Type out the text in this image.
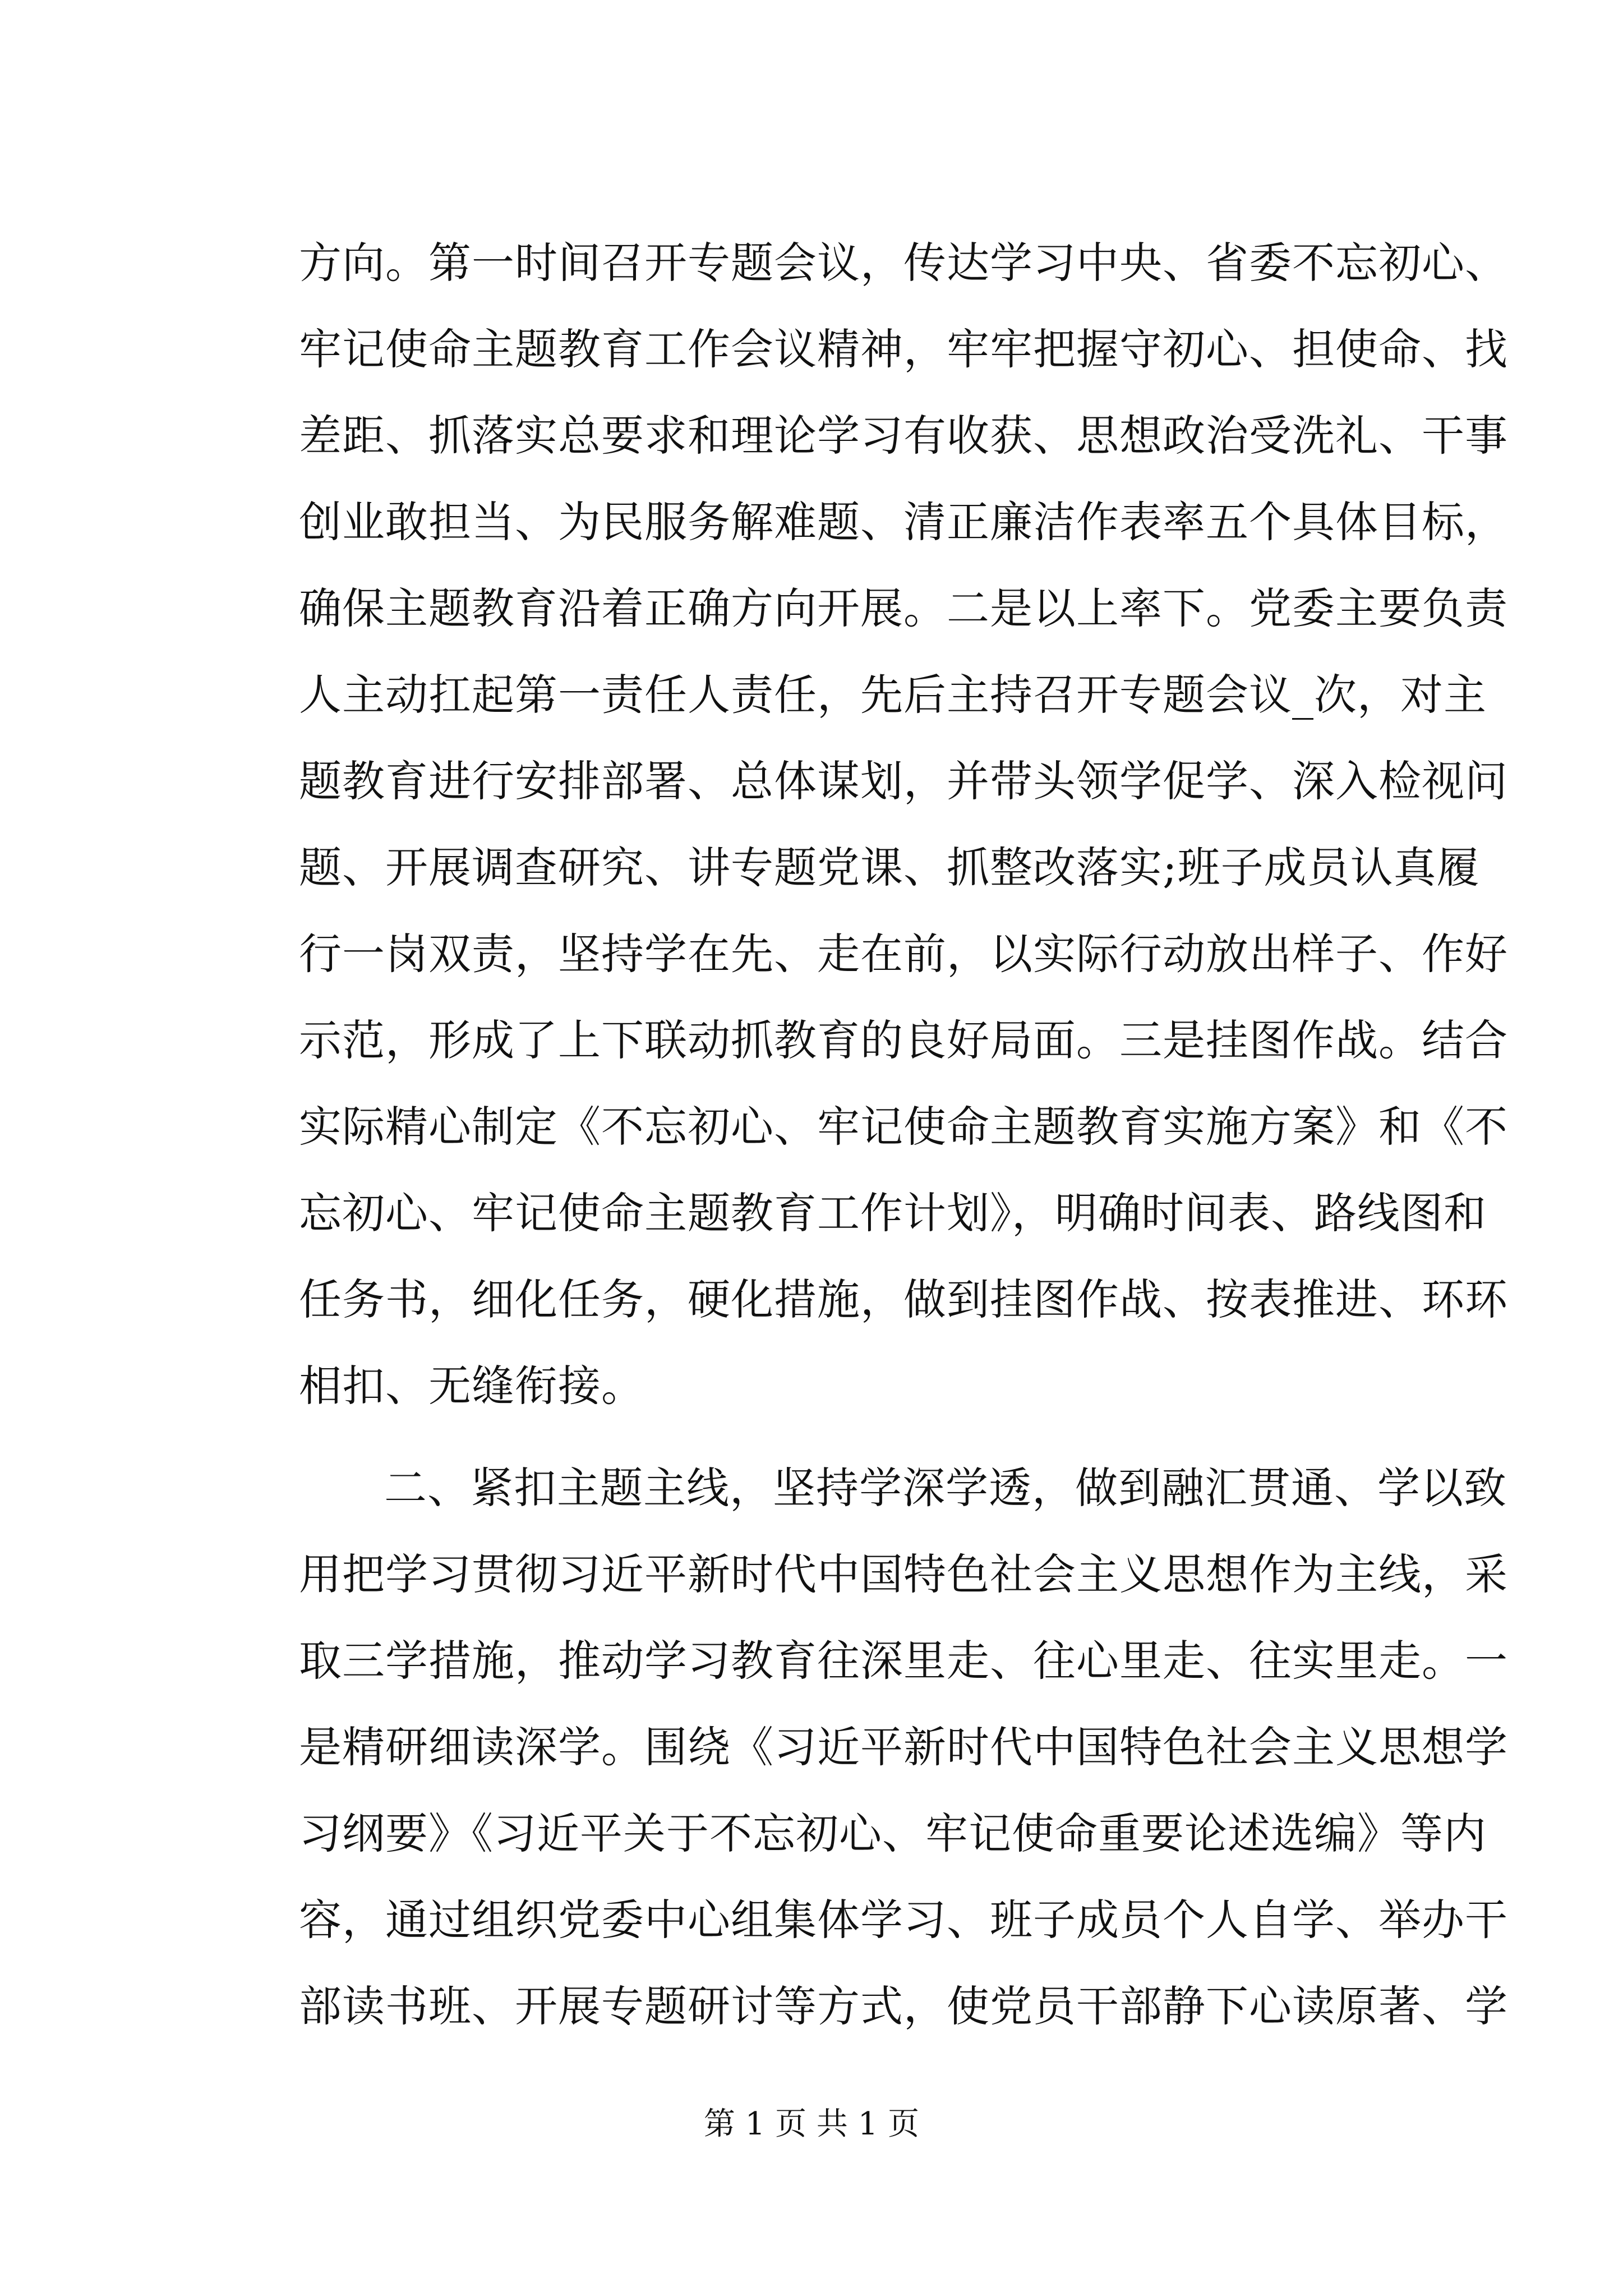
方向。第一时间召开专题会议，传达学习中央、省委不忘初心、
牢记使命主题教育工作会议精神，牢牢把握守初心、担使命、找
差距、抓落实总要求和理论学习有收获、思想政治受洗礼、干事
创业敢担当、为民服务解难题、清正廉洁作表率五个具体目标，
确保主题教育沿着正确方向开展。二是以上率下。党委主要负责
人主动扛起第一责任人责任，先后主持召开专题会议_次，对主
题教育进行安排部署、总体谋划，并带头领学促学、深入检视问
题、开展调查研究、讲专题党课、抓整改落实;班子成员认真履
行一岗双责，坚持学在先、走在前，以实际行动放出样子、作好
示范，形成了上下联动抓教育的良好局面。三是挂图作战。结合
实际精心制定《不忘初心、牢记使命主题教育实施方案》和《不
忘初心、牢记使命主题教育工作计划》，明确时间表、路线图和
任务书，细化任务，硬化措施，做到挂图作战、按表推进、环环
相扣、无缝衔接。
二、紧扣主题主线，坚持学深学透，做到融汇贯通、学以致
用把学习贯彻习近平新时代中国特色社会主义思想作为主线，采
取三学措施，推动学习教育往深里走、往心里走、往实里走。一
是精研细读深学。围绕《习近平新时代中国特色社会主义思想学
习纲要》《习近平关于不忘初心、牢记使命重要论述选编》等内
容，通过组织党委中心组集体学习、班子成员个人自学、举办干
部读书班、开展专题研讨等方式，使党员干部静下心读原著、学
第 1 页 共 1 页
